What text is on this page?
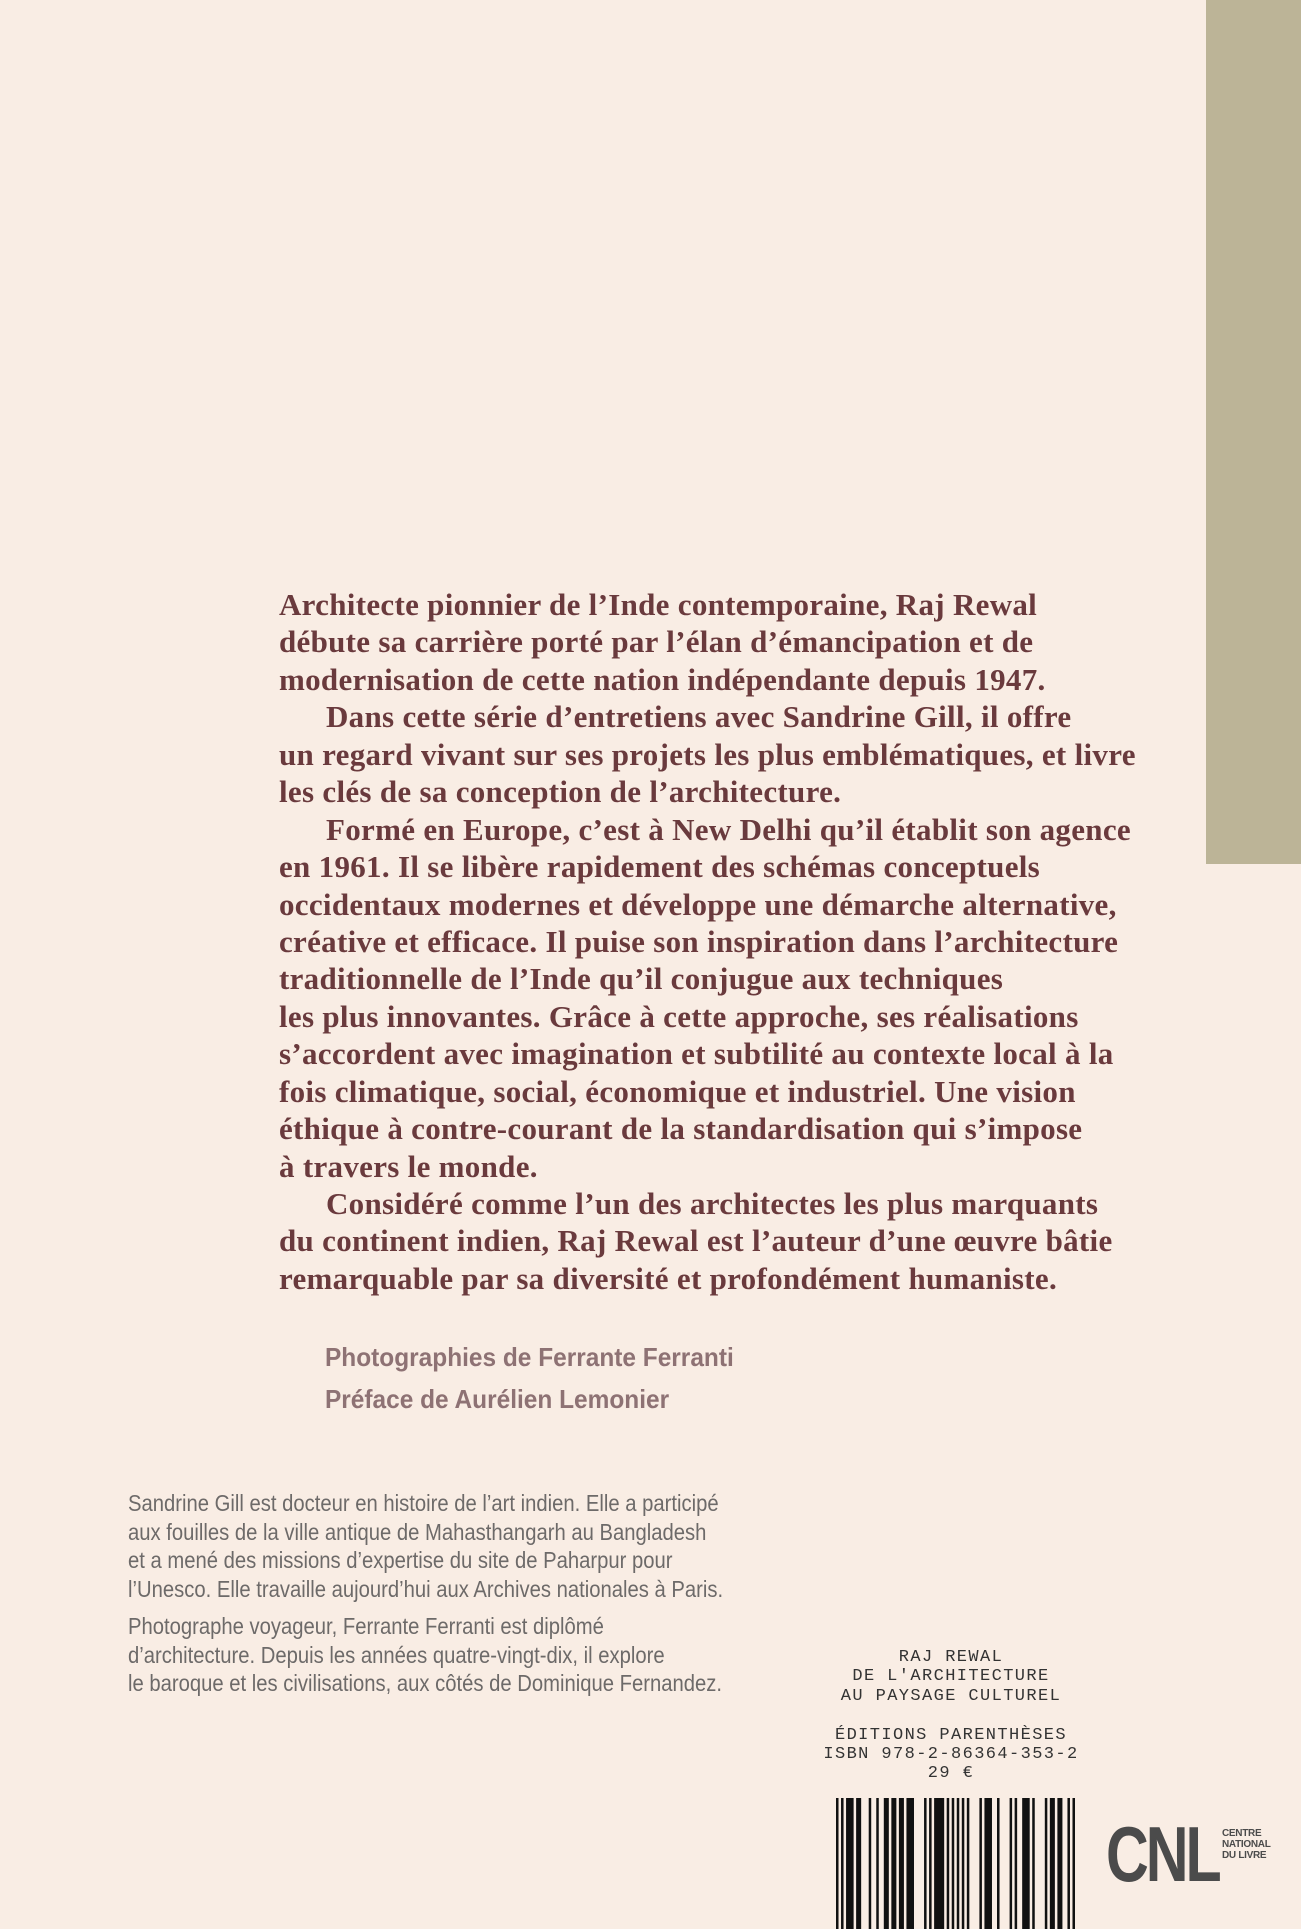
Architecte pionnier de l’Inde contemporaine, Raj Rewal
débute sa carrière porté par l’élan d’émancipation et de
modernisation de cette nation indépendante depuis 1947.
Dans cette série d’entretiens avec Sandrine Gill, il offre
un regard vivant sur ses projets les plus emblématiques, et livre
les clés de sa conception de l’architecture.
Formé en Europe, c’est à New Delhi qu’il établit son agence
en 1961. Il se libère rapidement des schémas conceptuels
occidentaux modernes et développe une démarche alternative,
créative et efficace. Il puise son inspiration dans l’architecture
traditionnelle de l’Inde qu’il conjugue aux techniques
les plus innovantes. Grâce à cette approche, ses réalisations
s’accordent avec imagination et subtilité au contexte local à la
fois climatique, social, économique et industriel. Une vision
éthique à contre-courant de la standardisation qui s’impose
à travers le monde.
Considéré comme l’un des architectes les plus marquants
du continent indien, Raj Rewal est l’auteur d’une œuvre bâtie
remarquable par sa diversité et profondément humaniste.
Photographies de Ferrante Ferranti
Préface de Aurélien Lemonier
Sandrine Gill est docteur en histoire de l’art indien. Elle a participé
aux fouilles de la ville antique de Mahasthangarh au Bangladesh
et a mené des missions d’expertise du site de Paharpur pour
l’Unesco. Elle travaille aujourd’hui aux Archives nationales à Paris.
Photographe voyageur, Ferrante Ferranti est diplômé
d’architecture. Depuis les années quatre-vingt-dix, il explore
le baroque et les civilisations, aux côtés de Dominique Fernandez.
RAJ REWAL
DE L'ARCHITECTURE
AU PAYSAGE CULTUREL
ÉDITIONS PARENTHÈSES
ISBN 978-2-86364-353-2
29 €
CNL CENTRE
NATIONAL
DU LIVRE
